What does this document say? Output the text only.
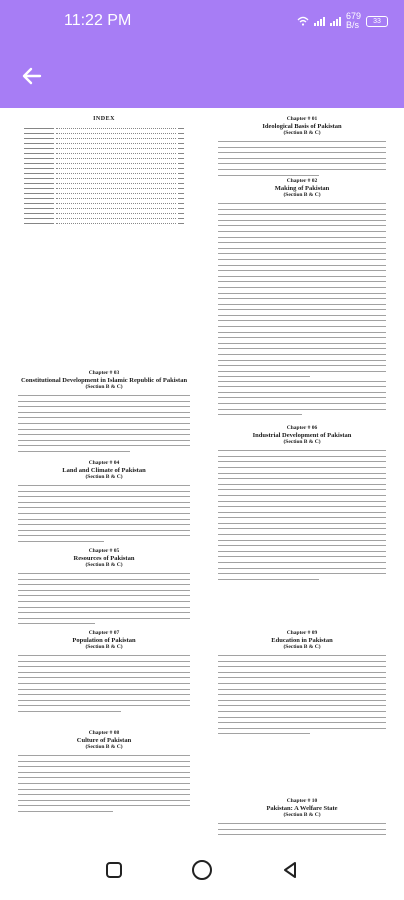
11:22 PM	679
B/s 33
INDEX	Chapter # 01
Ideological Basis of Pakistan
(Section B & C)
Chapter # 02
Making of Pakistan
(Section B & C)
Chapter # 03
Constitutional Development in Islamic Republic of Pakistan
(Section B & C)
Chapter # 04
Land and Climate of Pakistan
(Section B & C)
Chapter # 05
Resources of Pakistan
(Section B & C)
Chapter # 06
Industrial Development of Pakistan
(Section B & C)
Chapter # 07
Population of Pakistan
(Section B & C)
Chapter # 08
Culture of Pakistan
(Section B & C)
Chapter # 09
Education in Pakistan
(Section B & C)
Chapter # 10
Pakistan: A Welfare State
(Section B & C)
